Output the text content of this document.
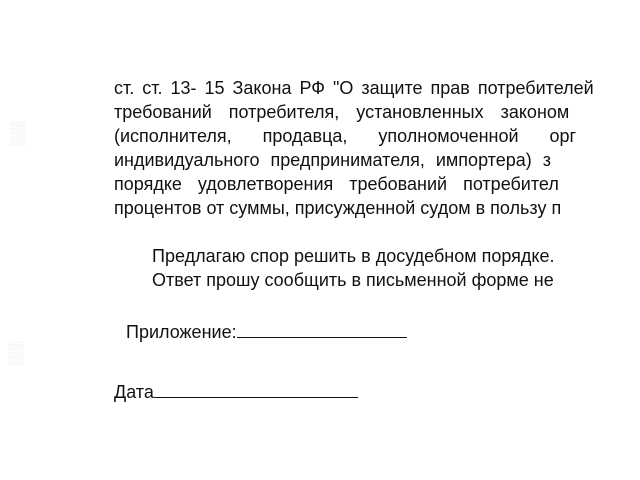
▒
▒
ст. ст. 13- 15 Закона РФ "О защите прав потребителей
требований потребителя, установленных законом
(исполнителя, продавца, уполномоченной орг
индивидуального предпринимателя, импортера) з
порядке удовлетворения требований потребител
процентов от суммы, присужденной судом в пользу п
Предлагаю спор решить в досудебном порядке.
Ответ прошу сообщить в письменной форме не
Приложение:
Дата
